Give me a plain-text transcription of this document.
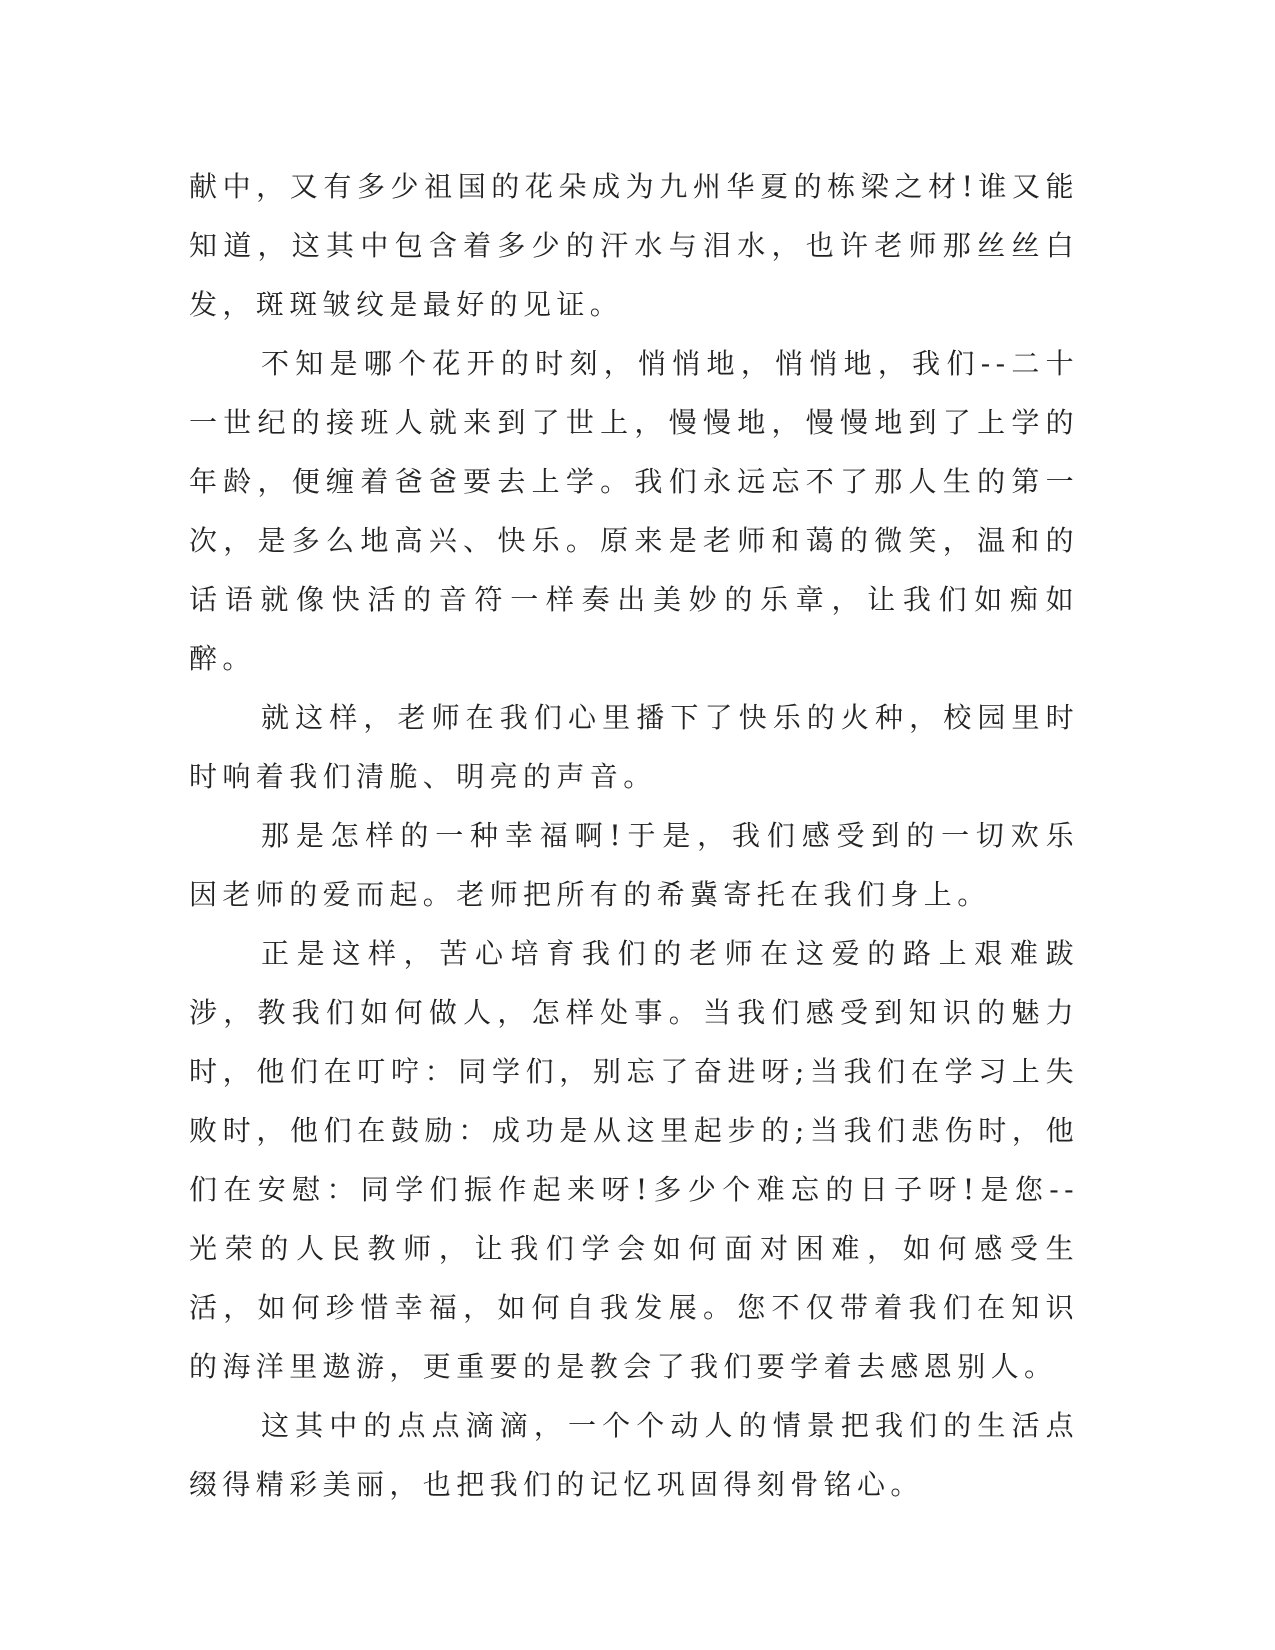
献中，又有多少祖国的花朵成为九州华夏的栋梁之材!谁又能知道，这其中包含着多少的汗水与泪水，也许老师那丝丝白发，斑斑皱纹是最好的见证。

不知是哪个花开的时刻，悄悄地，悄悄地，我们--二十一世纪的接班人就来到了世上，慢慢地，慢慢地到了上学的年龄，便缠着爸爸要去上学。我们永远忘不了那人生的第一次，是多么地高兴、快乐。原来是老师和蔼的微笑，温和的话语就像快活的音符一样奏出美妙的乐章，让我们如痴如醉。

就这样，老师在我们心里播下了快乐的火种，校园里时时响着我们清脆、明亮的声音。

那是怎样的一种幸福啊!于是，我们感受到的一切欢乐因老师的爱而起。老师把所有的希冀寄托在我们身上。

正是这样，苦心培育我们的老师在这爱的路上艰难跋涉，教我们如何做人，怎样处事。当我们感受到知识的魅力时，他们在叮咛：同学们，别忘了奋进呀;当我们在学习上失败时，他们在鼓励：成功是从这里起步的;当我们悲伤时，他们在安慰：同学们振作起来呀!多少个难忘的日子呀!是您--光荣的人民教师，让我们学会如何面对困难，如何感受生活，如何珍惜幸福，如何自我发展。您不仅带着我们在知识的海洋里遨游，更重要的是教会了我们要学着去感恩别人。

这其中的点点滴滴，一个个动人的情景把我们的生活点缀得精彩美丽，也把我们的记忆巩固得刻骨铭心。
